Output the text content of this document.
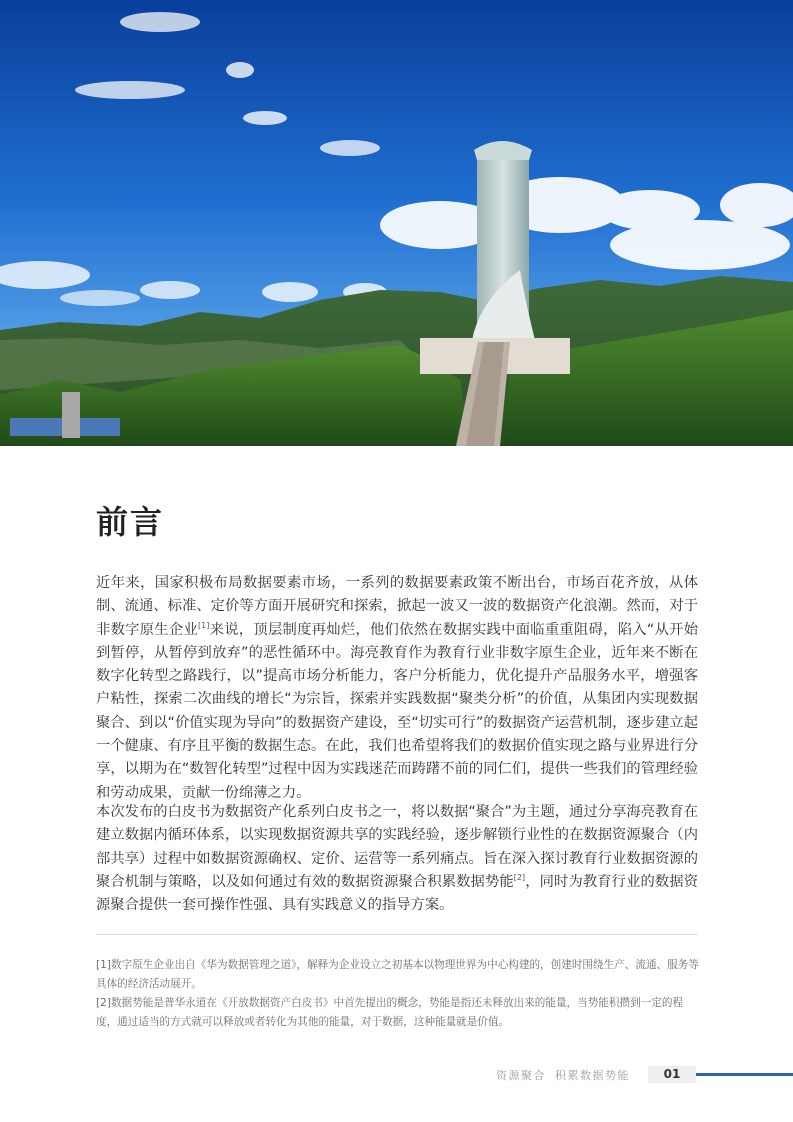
前言

近年来，国家积极布局数据要素市场，一系列的数据要素政策不断出台，市场百花齐放，从体制、流通、标准、定价等方面开展研究和探索，掀起一波又一波的数据资产化浪潮。然而，对于非数字原生企业[1]来说，顶层制度再灿烂，他们依然在数据实践中面临重重阻碍，陷入“从开始到暂停，从暂停到放弃”的恶性循环中。海亮教育作为教育行业非数字原生企业，近年来不断在数字化转型之路践行，以”提高市场分析能力，客户分析能力，优化提升产品服务水平，增强客户粘性，探索二次曲线的增长“为宗旨，探索并实践数据“聚类分析”的价值，从集团内实现数据聚合、到以“价值实现为导向”的数据资产建设，至“切实可行”的数据资产运营机制，逐步建立起一个健康、有序且平衡的数据生态。在此，我们也希望将我们的数据价值实现之路与业界进行分享，以期为在“数智化转型”过程中因为实践迷茫而踌躇不前的同仁们，提供一些我们的管理经验和劳动成果，贡献一份绵薄之力。

本次发布的白皮书为数据资产化系列白皮书之一，将以数据“聚合”为主题，通过分享海亮教育在建立数据内循环体系，以实现数据资源共享的实践经验，逐步解锁行业性的在数据资源聚合（内部共享）过程中如数据资源确权、定价、运营等一系列痛点。旨在深入探讨教育行业数据资源的聚合机制与策略，以及如何通过有效的数据资源聚合积累数据势能[2]，同时为教育行业的数据资源聚合提供一套可操作性强、具有实践意义的指导方案。

[1]数字原生企业出自《华为数据管理之道》，解释为企业设立之初基本以物理世界为中心构建的，创建时围绕生产、流通、服务等具体的经济活动展开。

[2]数据势能是普华永道在《开放数据资产白皮书》中首先提出的概念，势能是指还未释放出来的能量，当势能积攒到一定的程度，通过适当的方式就可以释放或者转化为其他的能量，对于数据，这种能量就是价值。

资源聚合 积累数据势能	01
